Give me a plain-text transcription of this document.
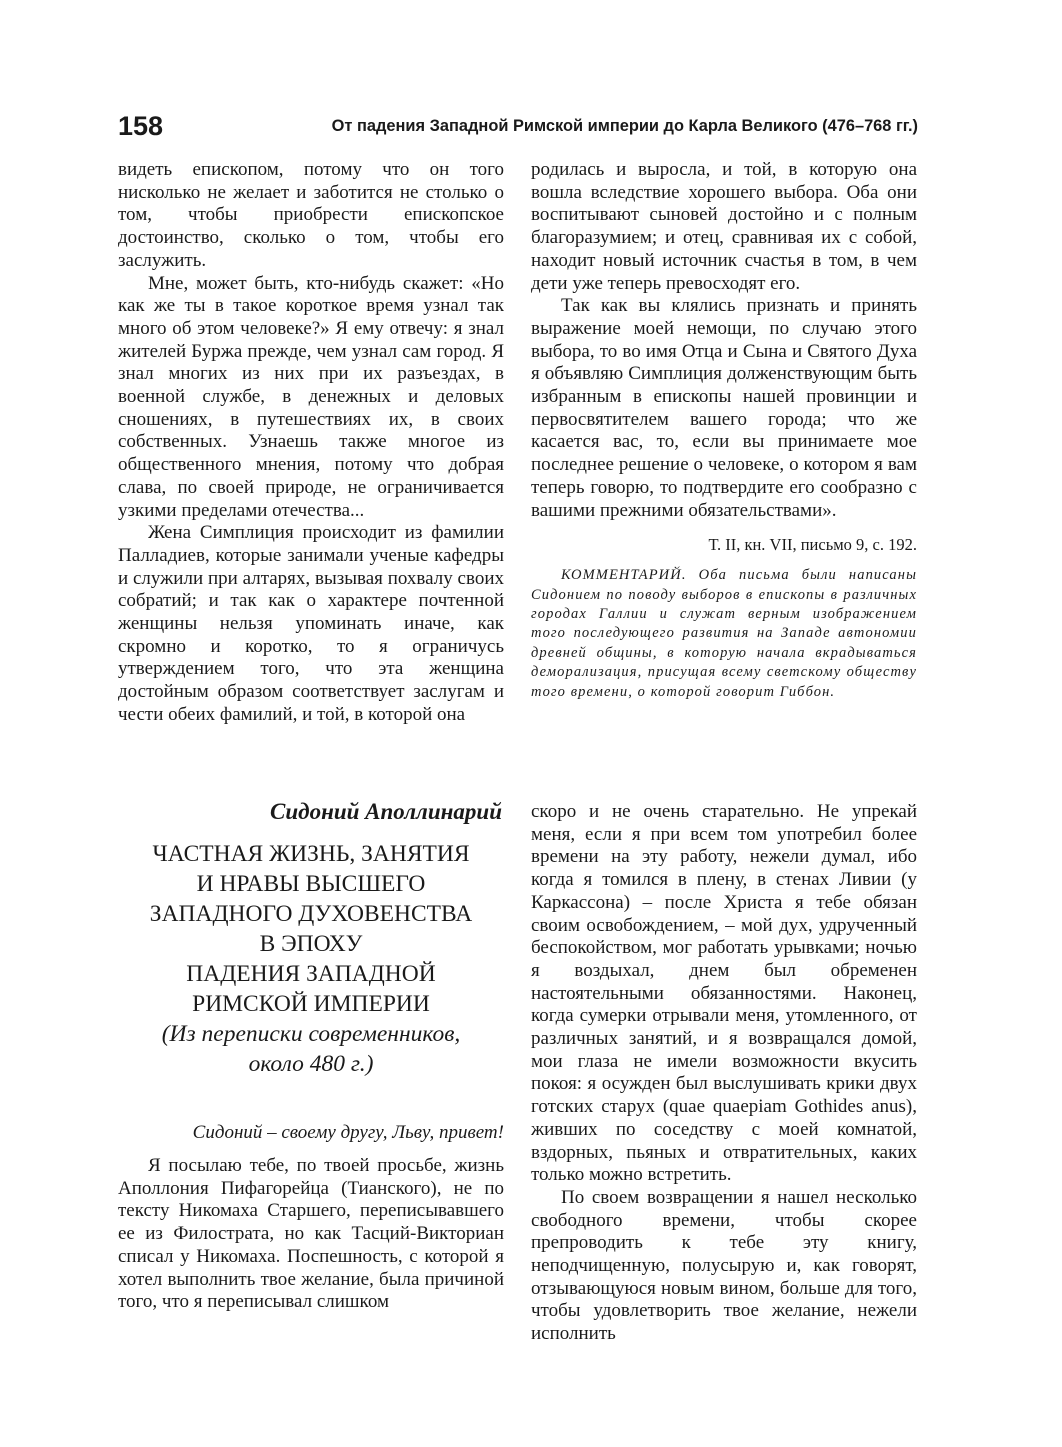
158	От падения Западной Римской империи до Карла Великого (476–768 гг.)

видеть епископом, потому что он того нисколько не желает и заботится не столько о том, чтобы приобрести епископское достоинство, сколько о том, чтобы его заслужить.

Мне, может быть, кто-нибудь скажет: «Но как же ты в такое короткое время узнал так много об этом человеке?» Я ему отвечу: я знал жителей Буржа прежде, чем узнал сам город. Я знал многих из них при их разъездах, в военной службе, в денежных и деловых сношениях, в путешествиях их, в своих собственных. Узнаешь также многое из общественного мнения, потому что добрая слава, по своей природе, не ограничивается узкими пределами отечества...

Жена Симплиция происходит из фамилии Палладиев, которые занимали ученые кафедры и служили при алтарях, вызывая похвалу своих собратий; и так как о характере почтенной женщины нельзя упоминать иначе, как скромно и коротко, то я ограничусь утверждением того, что эта женщина достойным образом соответствует заслугам и чести обеих фамилий, и той, в которой она

родилась и выросла, и той, в которую она вошла вследствие хорошего выбора. Оба они воспитывают сыновей достойно и с полным благоразумием; и отец, сравнивая их с собой, находит новый источник счастья в том, в чем дети уже теперь превосходят его.

Так как вы клялись признать и принять выражение моей немощи, по случаю этого выбора, то во имя Отца и Сына и Святого Духа я объявляю Симплиция долженствующим быть избранным в епископы нашей провинции и первосвятителем вашего города; что же касается вас, то, если вы принимаете мое последнее решение о человеке, о котором я вам теперь говорю, то подтвердите его сообразно с вашими прежними обязательствами».

Т. II, кн. VII, письмо 9, с. 192.
КОММЕНТАРИЙ. Оба письма были написаны Сидонием по поводу выборов в епископы в различных городах Галлии и служат верным изображением того последующего развития на Западе автономии древней общины, в которую начала вкрадываться деморализация, присущая всему светскому обществу того времени, о которой говорит Гиббон.
Сидоний Аполлинарий
ЧАСТНАЯ ЖИЗНЬ, ЗАНЯТИЯ
И НРАВЫ ВЫСШЕГО
ЗАПАДНОГО ДУХОВЕНСТВА
В ЭПОХУ
ПАДЕНИЯ ЗАПАДНОЙ
РИМСКОЙ ИМПЕРИИ
(Из переписки современников,
около 480 г.)
Сидоний – своему другу, Льву, привет!

Я посылаю тебе, по твоей просьбе, жизнь Аполлония Пифагорейца (Тианского), не по тексту Никомаха Старшего, переписывавшего ее из Филострата, но как Тасций-Викториан списал у Никомаха. Поспешность, с которой я хотел выполнить твое желание, была причиной того, что я переписывал слишком

скоро и не очень старательно. Не упрекай меня, если я при всем том употребил более времени на эту работу, нежели думал, ибо когда я томился в плену, в стенах Ливии (у Каркассона) – после Христа я тебе обязан своим освобождением, – мой дух, удрученный беспокойством, мог работать урывками; ночью я воздыхал, днем был обременен настоятельными обязанностями. Наконец, когда сумерки отрывали меня, утомленного, от различных занятий, и я возвращался домой, мои глаза не имели возможности вкусить покоя: я осужден был выслушивать крики двух готских старух (quae quaepiam Gothides anus), живших по соседству с моей комнатой, вздорных, пьяных и отвратительных, каких только можно встретить.

По своем возвращении я нашел несколько свободного времени, чтобы скорее препроводить к тебе эту книгу, неподчищенную, полусырую и, как говорят, отзывающуюся новым вином, больше для того, чтобы удовлетворить твое желание, нежели исполнить
